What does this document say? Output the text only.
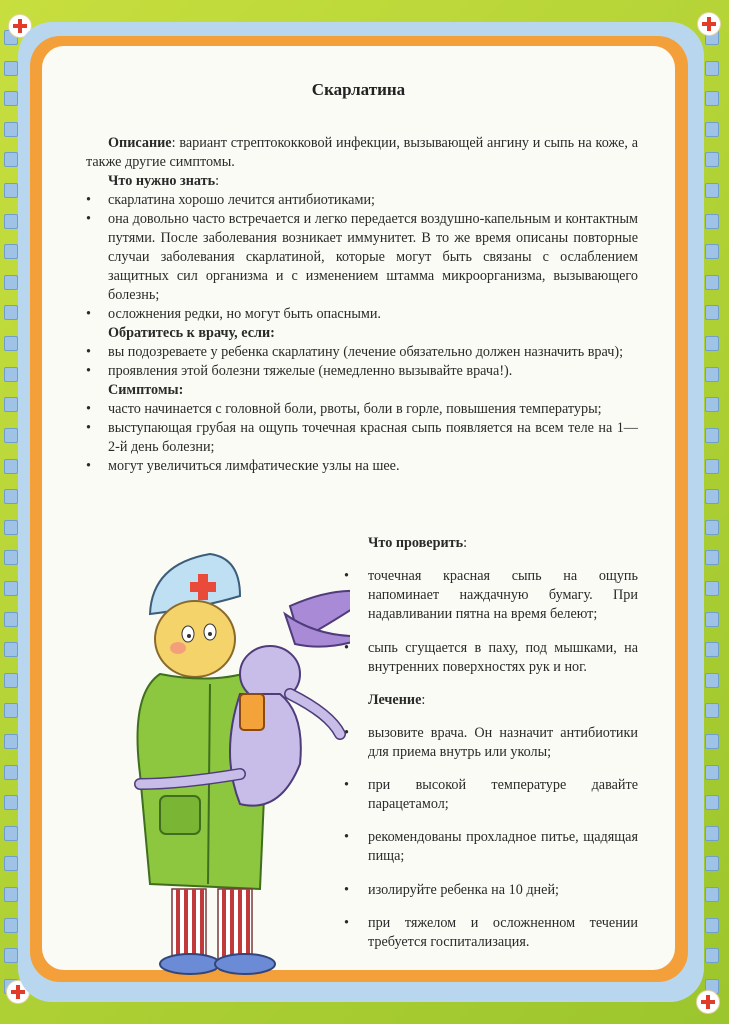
Скарлатина

Описание: вариант стрептококковой инфекции, вызывающей ангину и сыпь на коже, а также другие симптомы.

Что нужно знать:

• скарлатина хорошо лечится антибиотиками;

• она довольно часто встречается и легко передается воздушно-капельным и контактным путями. После заболевания возникает иммунитет. В то же время описаны повторные случаи заболевания скарлатиной, которые могут быть связаны с ослаблением защитных сил организма и с изменением штамма микроорганизма, вызывающего болезнь;

• осложнения редки, но могут быть опасными.

Обратитесь к врачу, если:

• вы подозреваете у ребенка скарлатину (лечение обязательно должен назначить врач);

• проявления этой болезни тяжелые (немедленно вызывайте врача!).

Симптомы:

• часто начинается с головной боли, рвоты, боли в горле, повышения температуры;

• выступающая грубая на ощупь точечная красная сыпь появляется на всем теле на 1—2-й день болезни;

• могут увеличиться лимфатические узлы на шее.

Что проверить:

• точечная красная сыпь на ощупь напоминает наждачную бумагу. При надавливании пятна на время белеют;

• сыпь сгущается в паху, под мышками, на внутренних поверхностях рук и ног.

Лечение:

• вызовите врача. Он назначит антибиотики для приема внутрь или уколы;

• при высокой температуре давайте парацетамол;

• рекомендованы прохладное питье, щадящая пища;

• изолируйте ребенка на 10 дней;

• при тяжелом и осложненном течении требуется госпитализация.
